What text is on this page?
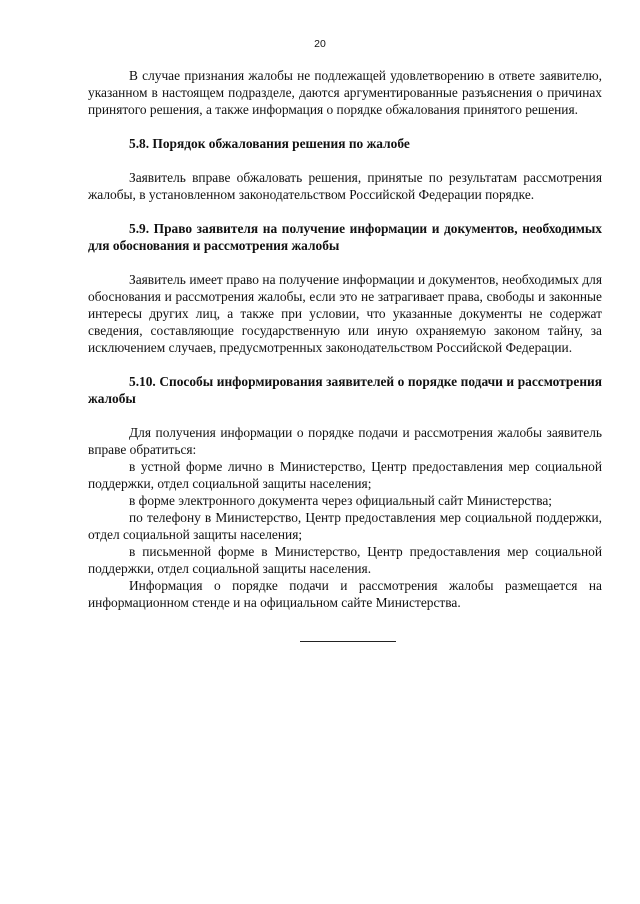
20

В случае признания жалобы не подлежащей удовлетворению в ответе заявителю, указанном в настоящем подразделе, даются аргументированные разъяснения о причинах принятого решения, а также информация о порядке обжалования принятого решения.

5.8. Порядок обжалования решения по жалобе

Заявитель вправе обжаловать решения, принятые по результатам рассмотрения жалобы, в установленном законодательством Российской Федерации порядке.

5.9. Право заявителя на получение информации и документов, необходимых для обоснования и рассмотрения жалобы

Заявитель имеет право на получение информации и документов, необходимых для обоснования и рассмотрения жалобы, если это не затрагивает права, свободы и законные интересы других лиц, а также при условии, что указанные документы не содержат сведения, составляющие государственную или иную охраняемую законом тайну, за исключением случаев, предусмотренных законодательством Российской Федерации.

5.10. Способы информирования заявителей о порядке подачи и рассмотрения жалобы

Для получения информации о порядке подачи и рассмотрения жалобы заявитель вправе обратиться:

в устной форме лично в Министерство, Центр предоставления мер социальной поддержки, отдел социальной защиты населения;

в форме электронного документа через официальный сайт Министерства;

по телефону в Министерство, Центр предоставления мер социальной поддержки, отдел социальной защиты населения;

в письменной форме в Министерство, Центр предоставления мер социальной поддержки, отдел социальной защиты населения.

Информация о порядке подачи и рассмотрения жалобы размещается на информационном стенде и на официальном сайте Министерства.
